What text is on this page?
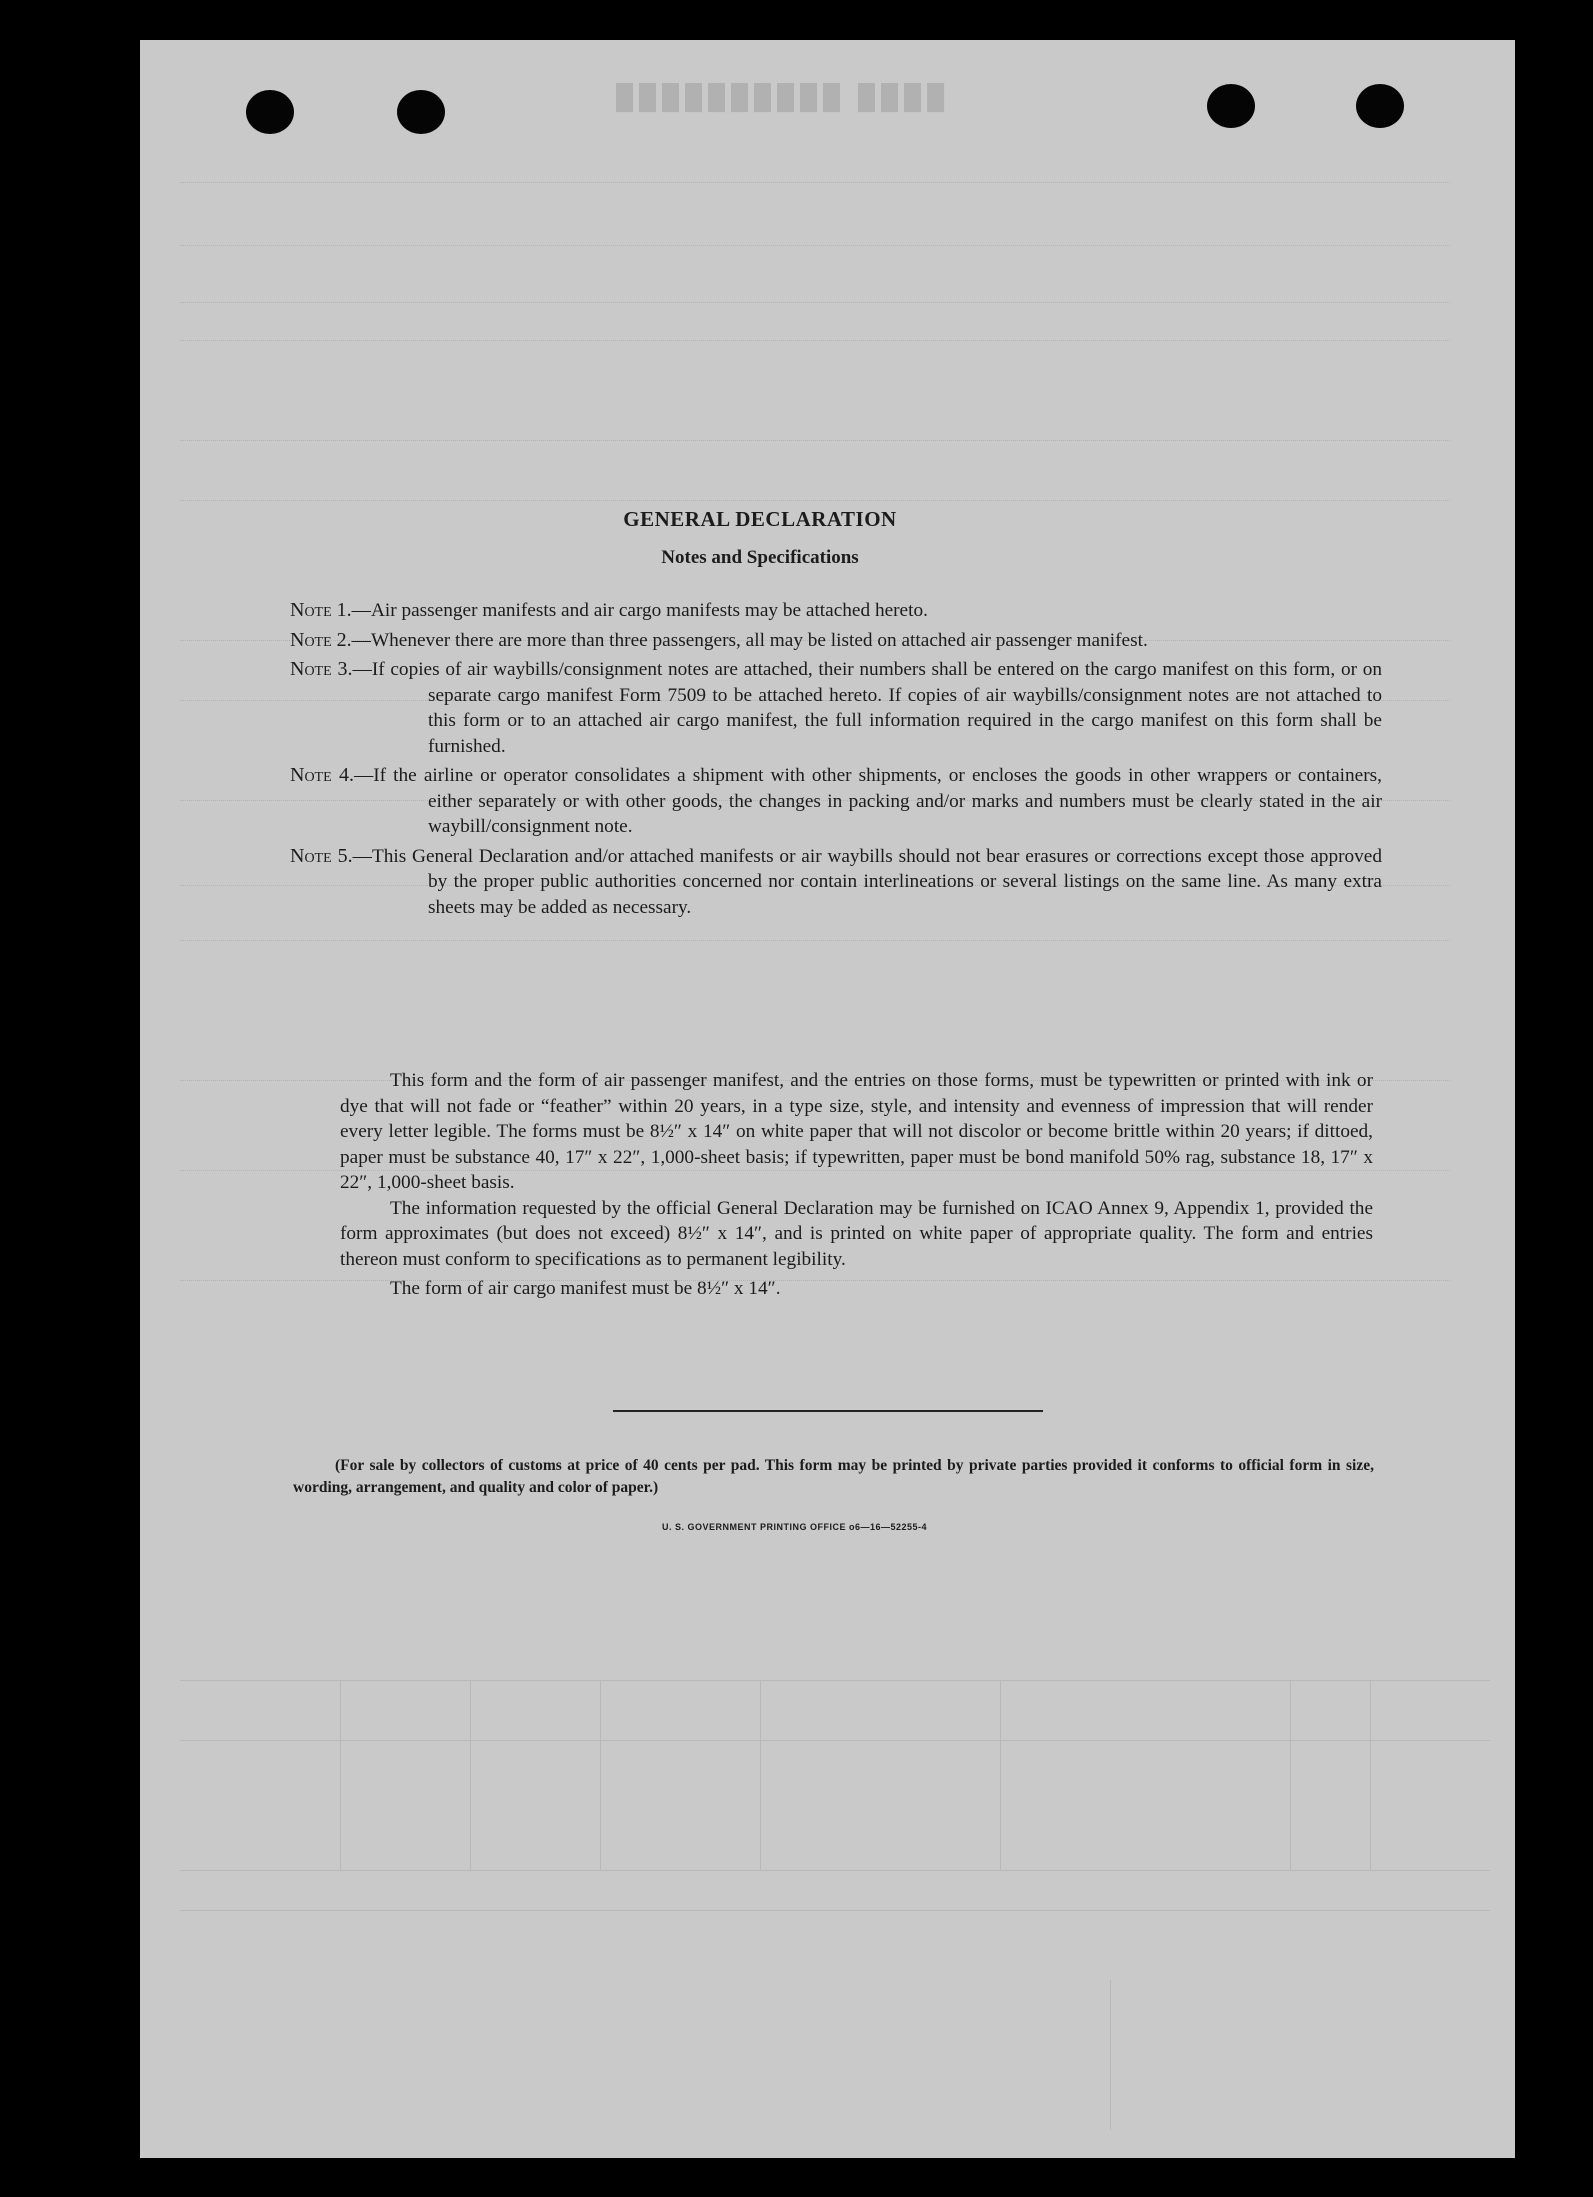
████ ██████████
GENERAL DECLARATION
Notes and Specifications
Note 1.—Air passenger manifests and air cargo manifests may be attached hereto.
Note 2.—Whenever there are more than three passengers, all may be listed on attached air passenger manifest.
Note 3.—If copies of air waybills/consignment notes are attached, their numbers shall be entered on the cargo manifest on this form, or on separate cargo manifest Form 7509 to be attached hereto. If copies of air waybills/consignment notes are not attached to this form or to an attached air cargo manifest, the full information required in the cargo manifest on this form shall be furnished.
Note 4.—If the airline or operator consolidates a shipment with other shipments, or encloses the goods in other wrappers or containers, either separately or with other goods, the changes in packing and/or marks and numbers must be clearly stated in the air waybill/consignment note.
Note 5.—This General Declaration and/or attached manifests or air waybills should not bear erasures or corrections except those approved by the proper public authorities concerned nor contain interlineations or several listings on the same line. As many extra sheets may be added as necessary.

This form and the form of air passenger manifest, and the entries on those forms, must be typewritten or printed with ink or dye that will not fade or “feather” within 20 years, in a type size, style, and intensity and evenness of impression that will render every letter legible. The forms must be 8½″ x 14″ on white paper that will not discolor or become brittle within 20 years; if dittoed, paper must be substance 40, 17″ x 22″, 1,000-sheet basis; if typewritten, paper must be bond manifold 50% rag, substance 18, 17″ x 22″, 1,000-sheet basis.

The information requested by the official General Declaration may be furnished on ICAO Annex 9, Appendix 1, provided the form approximates (but does not exceed) 8½″ x 14″, and is printed on white paper of appropriate quality. The form and entries thereon must conform to specifications as to permanent legibility.

The form of air cargo manifest must be 8½″ x 14″.

(For sale by collectors of customs at price of 40 cents per pad. This form may be printed by private parties provided it conforms to official form in size, wording, arrangement, and quality and color of paper.)
U. S. GOVERNMENT PRINTING OFFICE o6—16—52255-4
